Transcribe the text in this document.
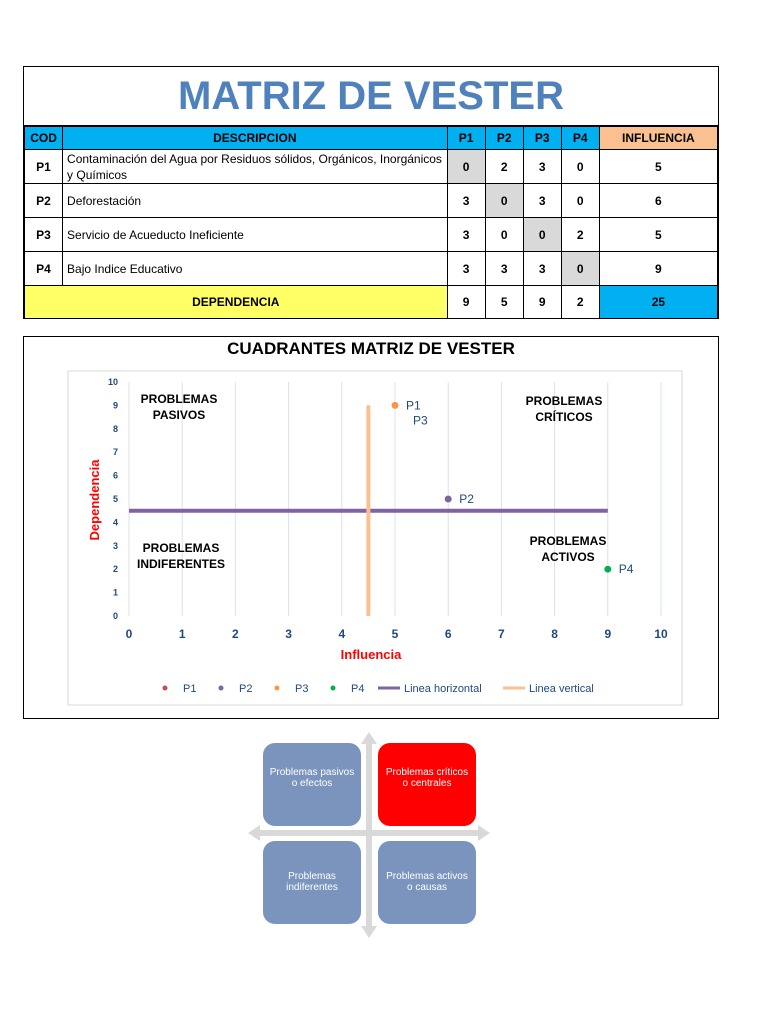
MATRIZ DE VESTER
COD	DESCRIPCION	P1	P2	P3	P4	INFLUENCIA
P1	Contaminación del Agua por Residuos sólidos, Orgánicos, Inorgánicos y Químicos	0	2	3	0	5
P2	Deforestación	3	0	3	0	6
P3	Servicio de Acueducto Ineficiente	3	0	0	2	5
P4	Bajo Indice Educativo	3	3	3	0	9
DEPENDENCIA		9	5	9	2	25
CUADRANTES MATRIZ DE VESTER
Influencia
Dependencia
PROBLEMAS
PASIVOS
PROBLEMAS
CRÍTICOS
PROBLEMAS
INDIFERENTES
PROBLEMAS
ACTIVOS
P1
P2
P3
P4
0	1	2	3	4	5	6	7	8	9	10
0
1
2
3
4
5
6
7
8
9
10
P1	P2	P3	P4	Linea horizontal	Linea vertical
Problemas pasivos o efectos
Problemas críticos o centrales
Problemas indiferentes
Problemas activos o causas
